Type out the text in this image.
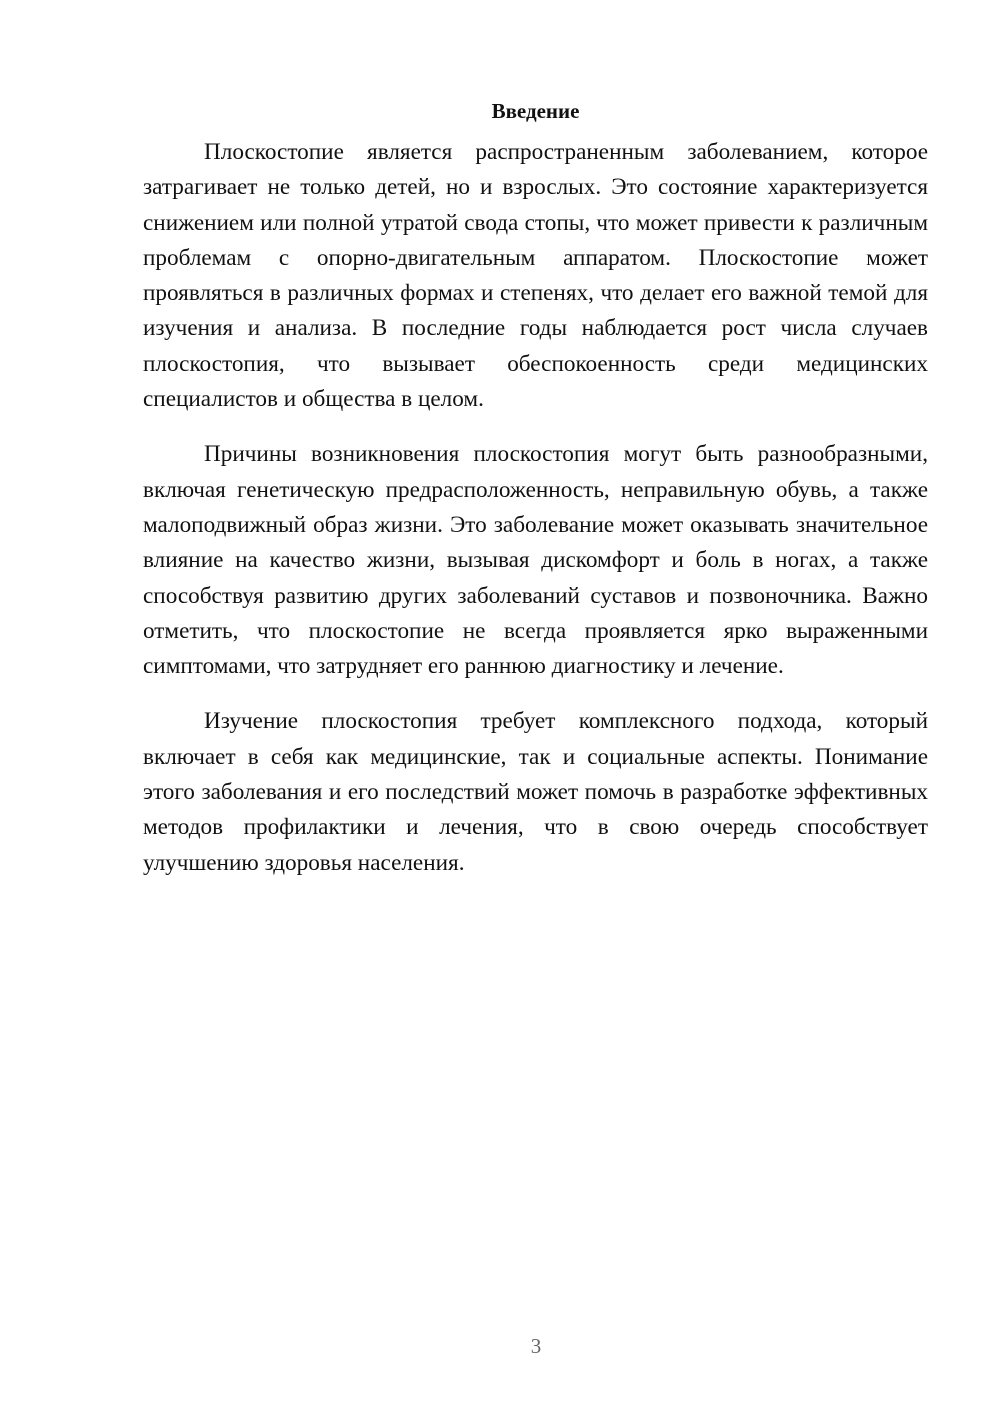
Введение

Плоскостопие является распространенным заболеванием, которое затрагивает не только детей, но и взрослых. Это состояние характеризуется снижением или полной утратой свода стопы, что может привести к различным проблемам с опорно-двигательным аппаратом. Плоскостопие может проявляться в различных формах и степенях, что делает его важной темой для изучения и анализа. В последние годы наблюдается рост числа случаев плоскостопия, что вызывает обеспокоенность среди медицинских специалистов и общества в целом.

Причины возникновения плоскостопия могут быть разнообразными, включая генетическую предрасположенность, неправильную обувь, а также малоподвижный образ жизни. Это заболевание может оказывать значительное влияние на качество жизни, вызывая дискомфорт и боль в ногах, а также способствуя развитию других заболеваний суставов и позвоночника. Важно отметить, что плоскостопие не всегда проявляется ярко выраженными симптомами, что затрудняет его раннюю диагностику и лечение.

Изучение плоскостопия требует комплексного подхода, который включает в себя как медицинские, так и социальные аспекты. Понимание этого заболевания и его последствий может помочь в разработке эффективных методов профилактики и лечения, что в свою очередь способствует улучшению здоровья населения.

3
